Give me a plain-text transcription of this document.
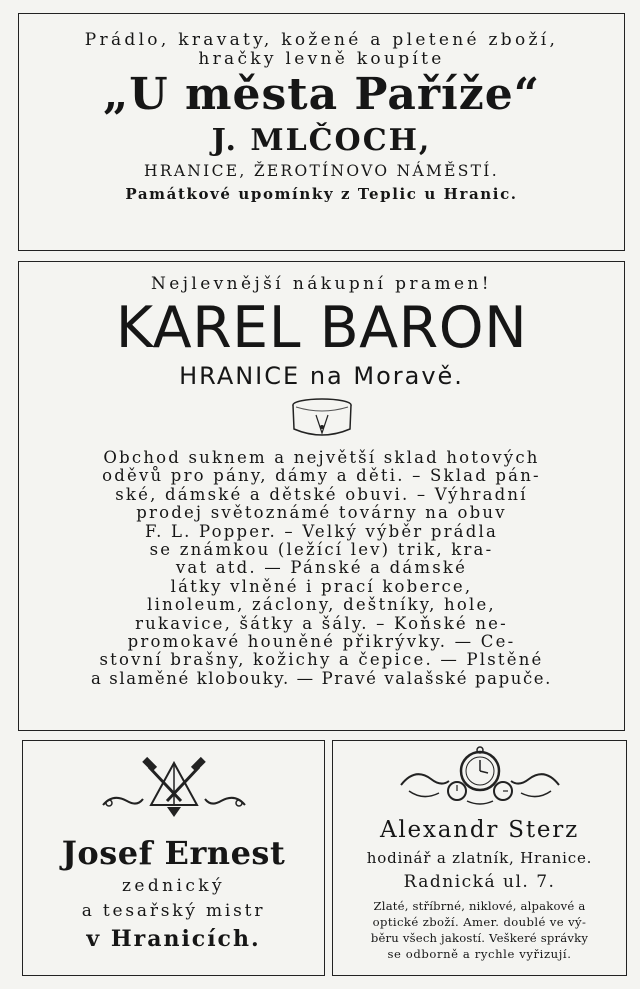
Prádlo, kravaty, kožené a pletené zboží,
hračky levně koupíte
„U města Paříže“
J. MLČOCH,
HRANICE, ŽEROTÍNOVO NÁMĚSTÍ.
Památkové upomínky z Teplic u Hranic.
Nejlevnější nákupní pramen!
KAREL BARON
HRANICE na Moravě.
Obchod suknem a největší sklad hotových
oděvů pro pány, dámy a děti. – Sklad pán-
ské, dámské a dětské obuvi. – Výhradní
prodej světoznámé továrny na obuv
F. L. Popper. – Velký výběr prádla
se známkou (ležící lev) trik, kra-
vat atd. — Pánské a dámské
látky vlněné i prací koberce,
linoleum, záclony, deštníky, hole,
rukavice, šátky a šály. – Koňské ne-
promokavé houněné přikrývky. — Ce-
stovní brašny, kožichy a čepice. — Plstěné
a slaměné klobouky. — Pravé valašské papuče.
Josef Ernest
zednický
a tesařský mistr
v Hranicích.
Alexandr Sterz
hodinář a zlatník, Hranice.
Radnická ul. 7.
Zlaté, stříbrné, niklové, alpakové a
optické zboží. Amer. doublé ve vý-
běru všech jakostí. Veškeré správky
se odborně a rychle vyřizují.
